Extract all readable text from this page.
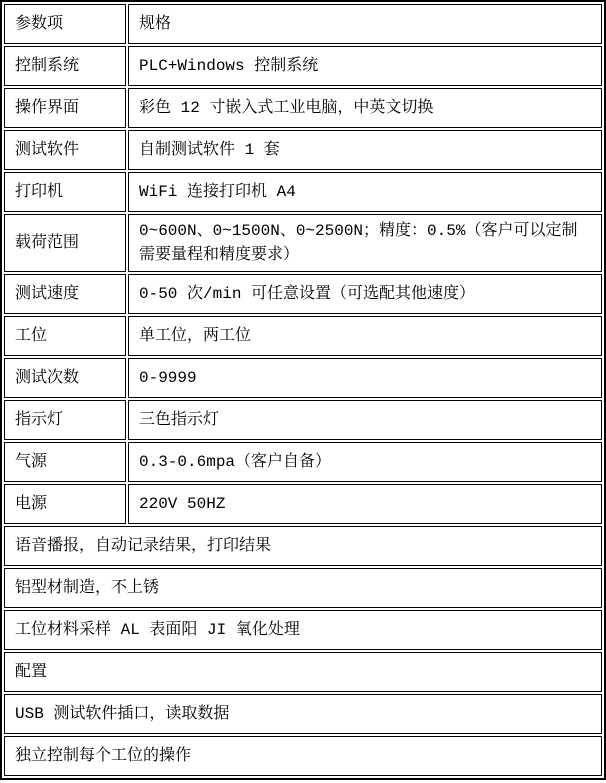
参数项	规格
控制系统	PLC+Windows 控制系统
操作界面	彩色 12 寸嵌入式工业电脑，中英文切换
测试软件	自制测试软件 1 套
打印机	WiFi 连接打印机 A4
载荷范围	0~600N、0~1500N、0~2500N；精度：0.5%（客户可以定制需要量程和精度要求）
测试速度	0-50 次/min 可任意设置（可选配其他速度）
工位	单工位，两工位
测试次数	0-9999
指示灯	三色指示灯
气源	0.3-0.6mpa（客户自备）
电源	220V 50HZ
语音播报，自动记录结果，打印结果	
铝型材制造，不上锈	
工位材料采样 AL 表面阳 JI 氧化处理	
配置	
USB 测试软件插口，读取数据	
独立控制每个工位的操作	
